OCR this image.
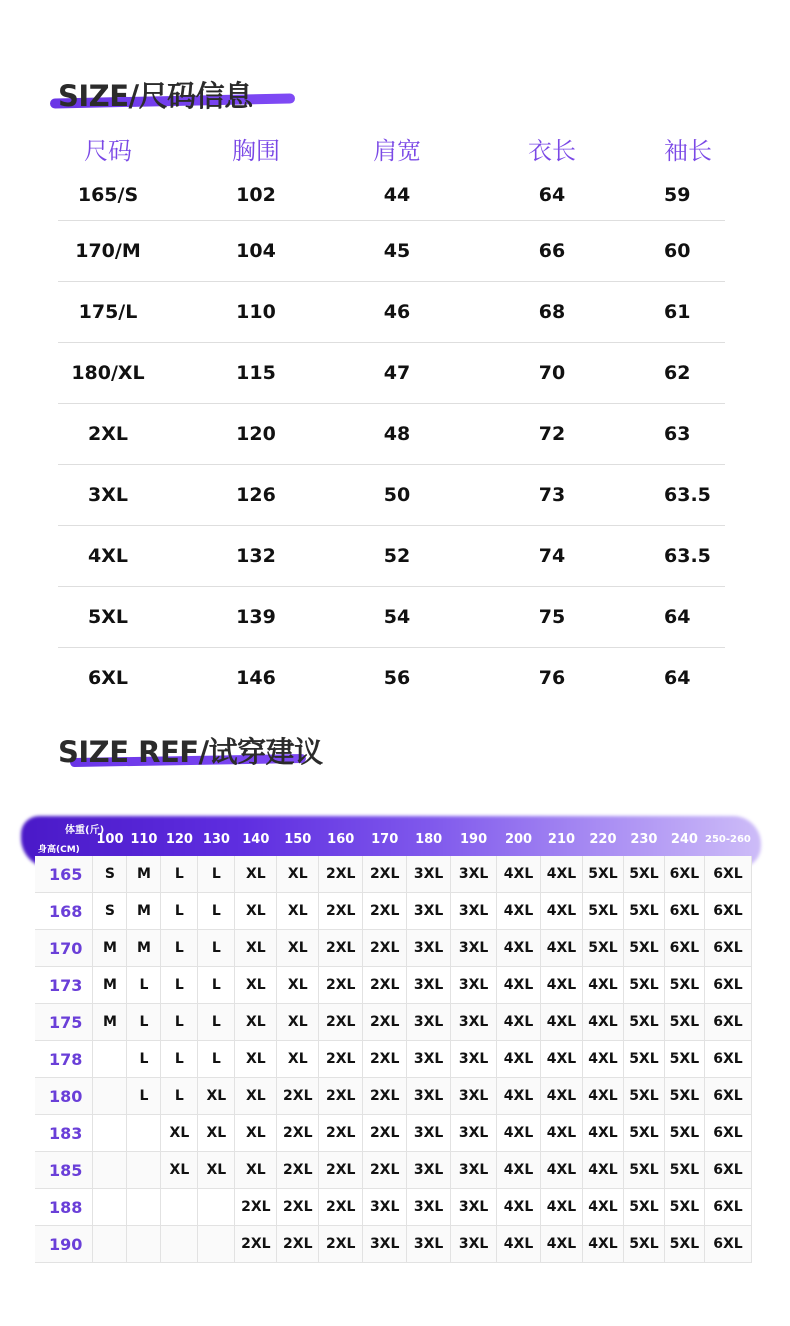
SIZE/尺码信息
尺码	胸围	肩宽	衣长	袖长
165/S	102	44	64	59
170/M	104	45	66	60
175/L	110	46	68	61
180/XL	115	47	70	62
2XL	120	48	72	63
3XL	126	50	73	63.5
4XL	132	52	74	63.5
5XL	139	54	75	64
6XL	146	56	76	64
SIZE REF/试穿建议
体重(斤)
身高(CM)
	100	110	120	130	140	150	160	170	180	190	200	210	220	230	240	250-260
165	S	M	L	L	XL	XL	2XL	2XL	3XL	3XL	4XL	4XL	5XL	5XL	6XL	6XL
168	S	M	L	L	XL	XL	2XL	2XL	3XL	3XL	4XL	4XL	5XL	5XL	6XL	6XL
170	M	M	L	L	XL	XL	2XL	2XL	3XL	3XL	4XL	4XL	5XL	5XL	6XL	6XL
173	M	L	L	L	XL	XL	2XL	2XL	3XL	3XL	4XL	4XL	4XL	5XL	5XL	6XL
175	M	L	L	L	XL	XL	2XL	2XL	3XL	3XL	4XL	4XL	4XL	5XL	5XL	6XL
178		L	L	L	XL	XL	2XL	2XL	3XL	3XL	4XL	4XL	4XL	5XL	5XL	6XL
180		L	L	XL	XL	2XL	2XL	2XL	3XL	3XL	4XL	4XL	4XL	5XL	5XL	6XL
183			XL	XL	XL	2XL	2XL	2XL	3XL	3XL	4XL	4XL	4XL	5XL	5XL	6XL
185			XL	XL	XL	2XL	2XL	2XL	3XL	3XL	4XL	4XL	4XL	5XL	5XL	6XL
188					2XL	2XL	2XL	3XL	3XL	3XL	4XL	4XL	4XL	5XL	5XL	6XL
190					2XL	2XL	2XL	3XL	3XL	3XL	4XL	4XL	4XL	5XL	5XL	6XL
